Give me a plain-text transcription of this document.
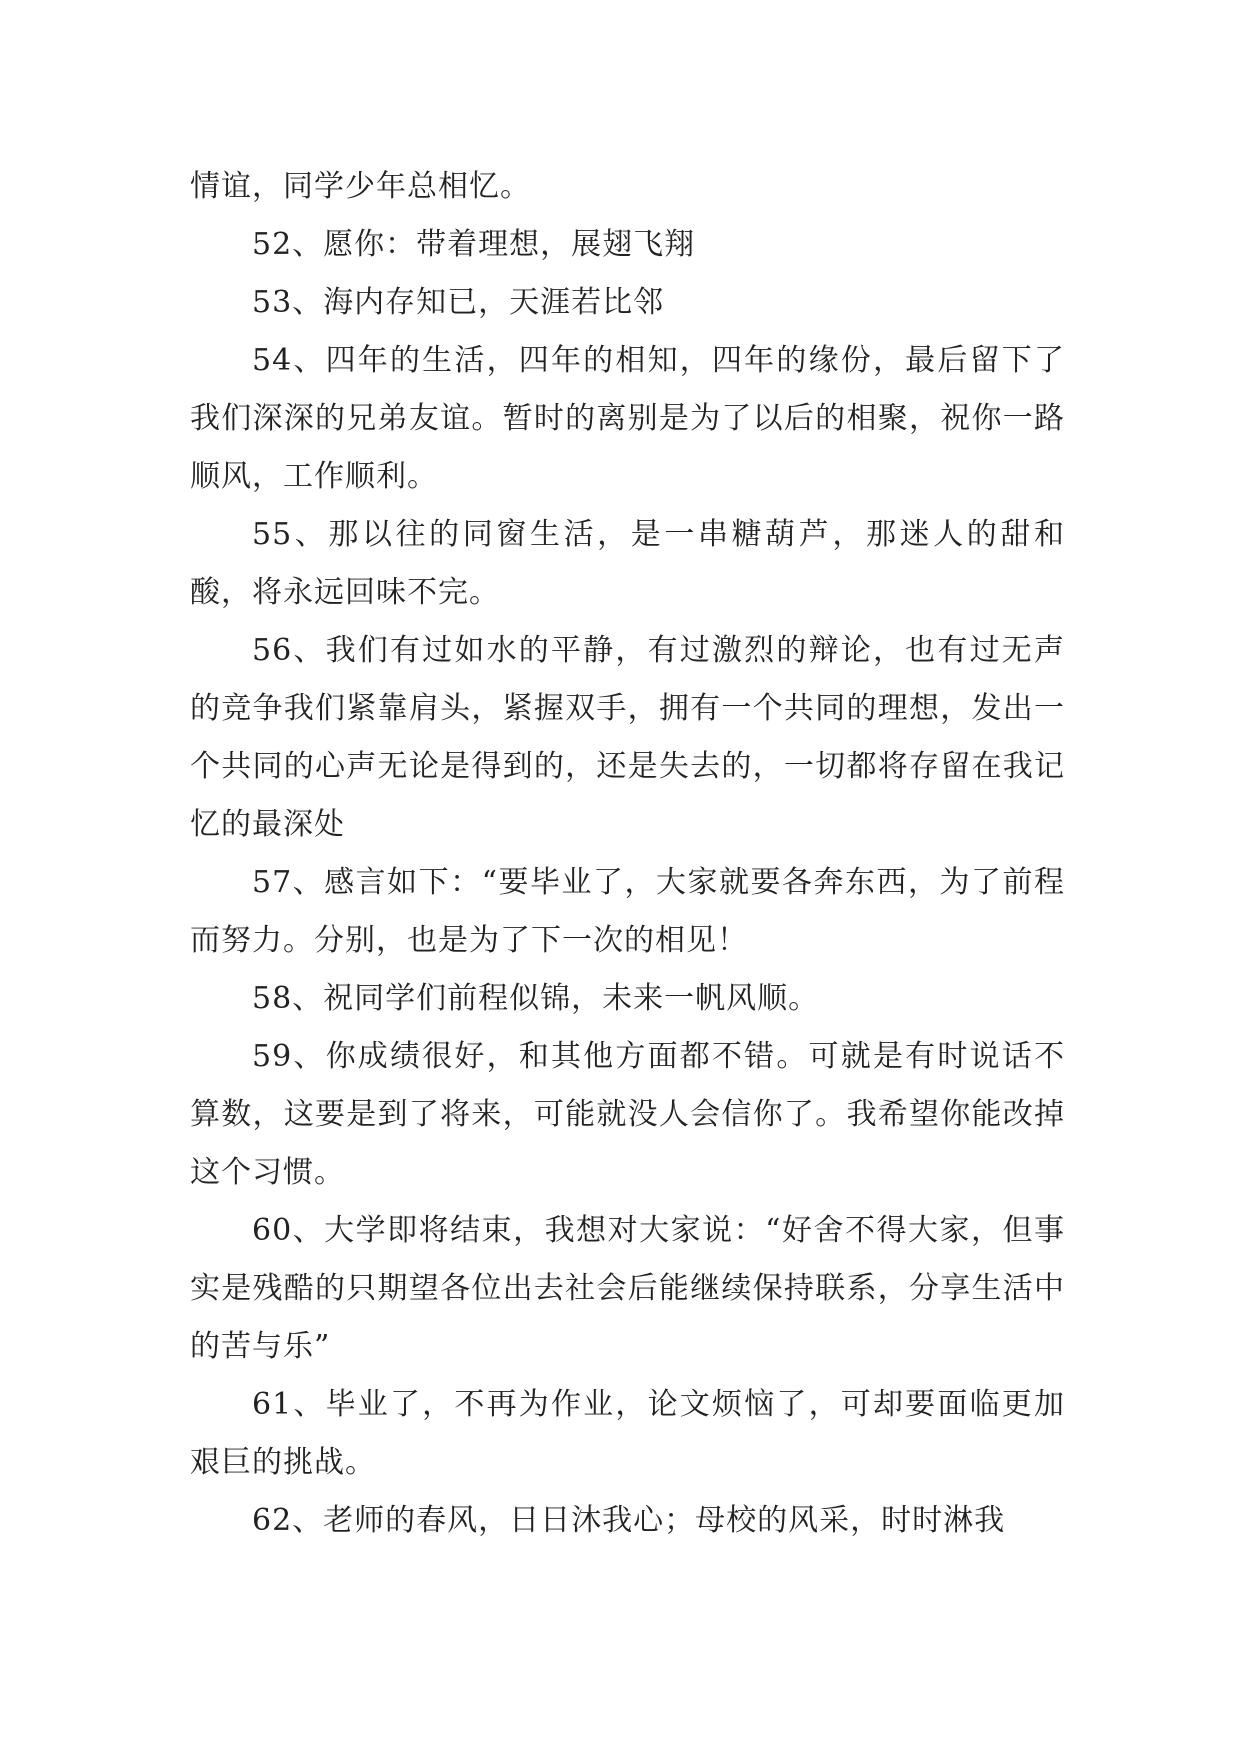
情谊，同学少年总相忆。

52、愿你：带着理想，展翅飞翔

53、海内存知已，天涯若比邻

54、四年的生活，四年的相知，四年的缘份，最后留下了我们深深的兄弟友谊。暂时的离别是为了以后的相聚，祝你一路顺风，工作顺利。

55、那以往的同窗生活，是一串糖葫芦，那迷人的甜和酸，将永远回味不完。

56、我们有过如水的平静，有过激烈的辩论，也有过无声的竞争我们紧靠肩头，紧握双手，拥有一个共同的理想，发出一个共同的心声无论是得到的，还是失去的，一切都将存留在我记忆的最深处

57、感言如下：“要毕业了，大家就要各奔东西，为了前程而努力。分别，也是为了下一次的相见！

58、祝同学们前程似锦，未来一帆风顺。

59、你成绩很好，和其他方面都不错。可就是有时说话不算数，这要是到了将来，可能就没人会信你了。我希望你能改掉这个习惯。

60、大学即将结束，我想对大家说：“好舍不得大家，但事实是残酷的只期望各位出去社会后能继续保持联系，分享生活中的苦与乐”

61、毕业了，不再为作业，论文烦恼了，可却要面临更加艰巨的挑战。

62、老师的春风，日日沐我心；母校的风采，时时淋我
